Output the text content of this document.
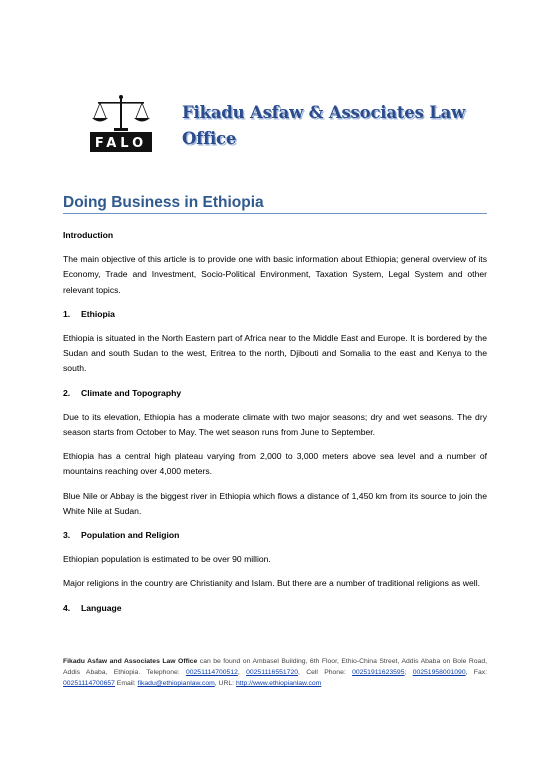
FALO
Fikadu Asfaw & Associates Law Office
Doing Business in Ethiopia
Introduction
The main objective of this article is to provide one with basic information about Ethiopia; general overview of its Economy, Trade and Investment, Socio-Political Environment, Taxation System, Legal System and other relevant topics.
1. Ethiopia
Ethiopia is situated in the North Eastern part of Africa near to the Middle East and Europe. It is bordered by the Sudan and south Sudan to the west, Eritrea to the north, Djibouti and Somalia to the east and Kenya to the south.
2. Climate and Topography
Due to its elevation, Ethiopia has a moderate climate with two major seasons; dry and wet seasons. The dry season starts from October to May. The wet season runs from June to September.
Ethiopia has a central high plateau varying from 2,000 to 3,000 meters above sea level and a number of mountains reaching over 4,000 meters.
Blue Nile or Abbay is the biggest river in Ethiopia which flows a distance of 1,450 km from its source to join the White Nile at Sudan.
3. Population and Religion
Ethiopian population is estimated to be over 90 million.
Major religions in the country are Christianity and Islam. But there are a number of traditional religions as well.
4. Language
Fikadu Asfaw and Associates Law Office can be found on Ambasel Building, 6th Floor, Ethio-China Street, Addis Ababa on Bole Road, Addis Ababa, Ethiopia. Telephone: 00251114700512, 00251116551720, Cell Phone: 00251911623595; 00251958001090, Fax: 00251114700657 Email: fikadu@ethiopianlaw.com, URL: http://www.ethiopianlaw.com
